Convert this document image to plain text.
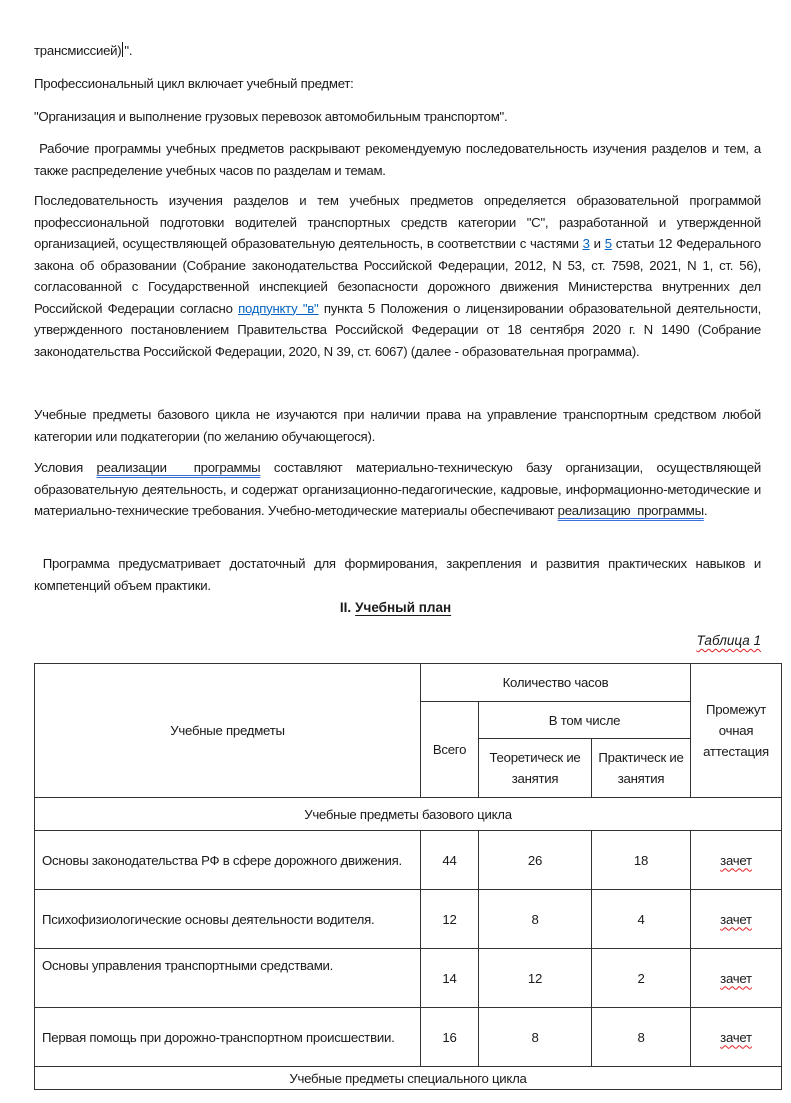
трансмиссией) ".
Профессиональный цикл включает учебный предмет:
"Организация и выполнение грузовых перевозок автомобильным транспортом".
Рабочие программы учебных предметов раскрывают рекомендуемую последовательность изучения разделов и тем, а также распределение учебных часов по разделам и темам.
Последовательность изучения разделов и тем учебных предметов определяется образовательной программой профессиональной подготовки водителей транспортных средств категории "C", разработанной и утвержденной организацией, осуществляющей образовательную деятельность, в соответствии с частями 3 и 5 статьи 12 Федерального закона об образовании (Собрание законодательства Российской Федерации, 2012, N 53, ст. 7598, 2021, N 1, ст. 56), согласованной с Государственной инспекцией безопасности дорожного движения Министерства внутренних дел Российской Федерации согласно подпункту "в" пункта 5 Положения о лицензировании образовательной деятельности, утвержденного постановлением Правительства Российской Федерации от 18 сентября 2020 г. N 1490 (Собрание законодательства Российской Федерации, 2020, N 39, ст. 6067) (далее - образовательная программа).
Учебные предметы базового цикла не изучаются при наличии права на управление транспортным средством любой категории или подкатегории (по желанию обучающегося).
Условия реализации  программы составляют материально-техническую базу организации, осуществляющей образовательную деятельность, и содержат организационно-педагогические, кадровые, информационно-методические и материально-технические требования. Учебно-методические материалы обеспечивают реализацию  программы.
Программа предусматривает достаточный для формирования, закрепления и развития практических навыков и компетенций объем практики.
II. Учебный план
Таблица 1
Учебные предметы	Количество часов			Промежут очная аттестация
	Всего	В том числе		
		Теоретическ ие занятия	Практическ ие занятия	
Учебные предметы базового цикла				
Основы законодательства РФ в сфере дорожного движения.	44	26	18	зачет
Психофизиологические основы деятельности водителя.	12	8	4	зачет
Основы управления транспортными средствами.	14	12	2	зачет
Первая помощь при дорожно-транспортном происшествии.	16	8	8	зачет
Учебные предметы специального цикла				
